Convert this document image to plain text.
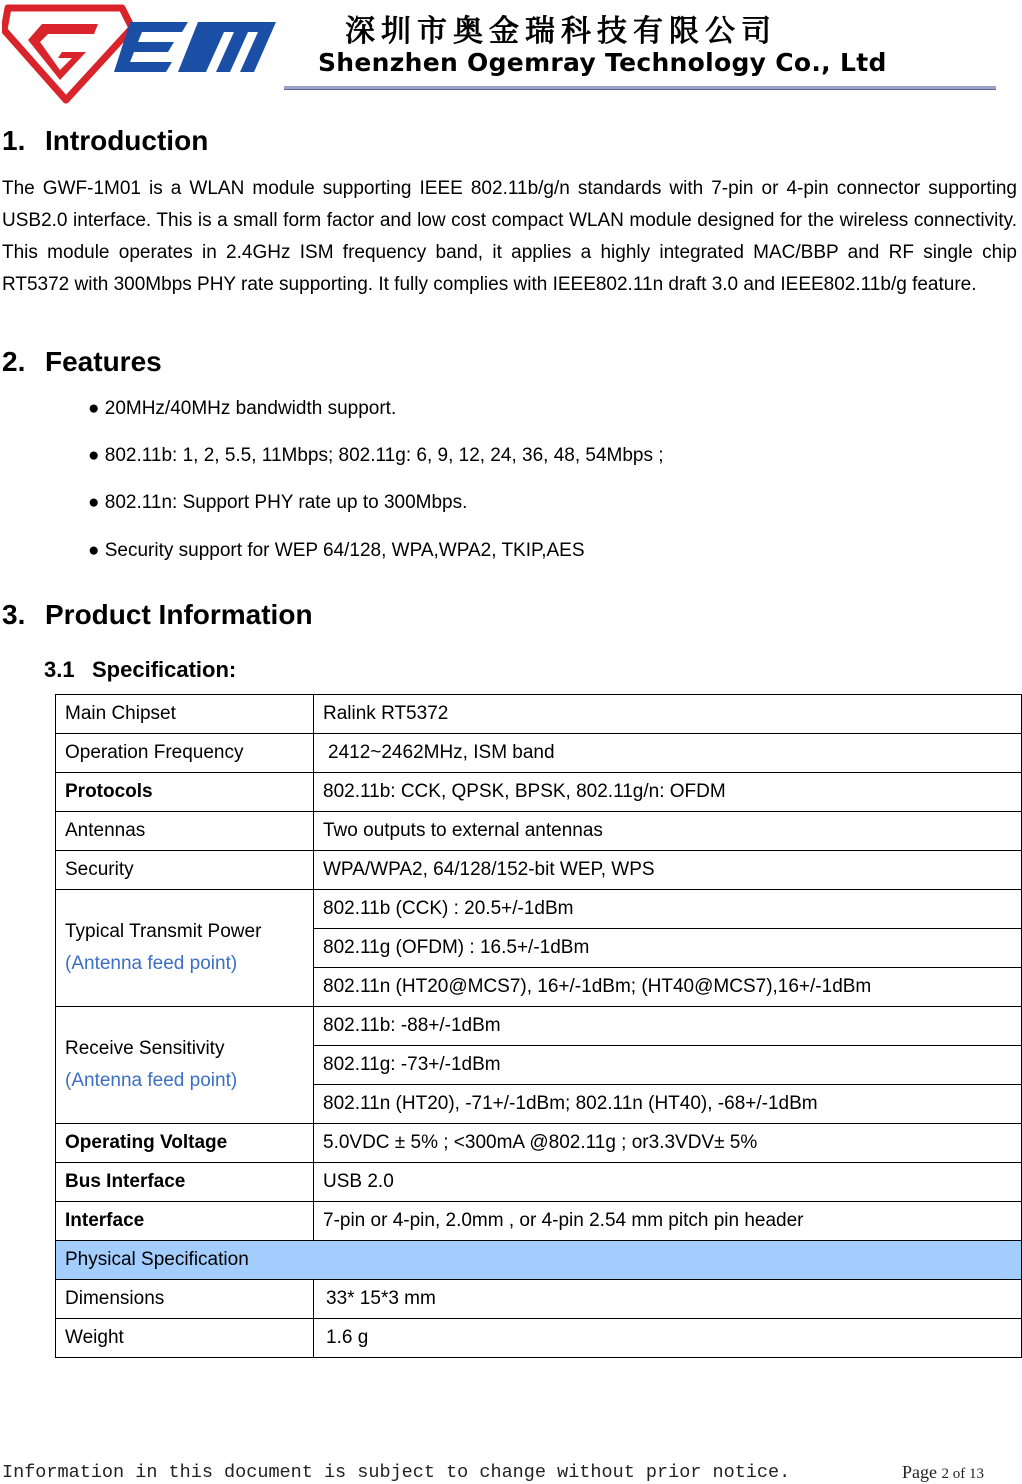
深圳市奥金瑞科技有限公司
Shenzhen Ogemray Technology Co., Ltd
1. Introduction
The GWF-1M01 is a WLAN module supporting IEEE 802.11b/g/n standards with 7-pin or 4-pin connector supporting USB2.0 interface. This is a small form factor and low cost compact WLAN module designed for the wireless connectivity. This module operates in 2.4GHz ISM frequency band, it applies a highly integrated MAC/BBP and RF single chip RT5372 with 300Mbps PHY rate supporting. It fully complies with IEEE802.11n draft 3.0 and IEEE802.11b/g feature.
2. Features
● 20MHz/40MHz bandwidth support.
● 802.11b: 1, 2, 5.5, 11Mbps; 802.11g: 6, 9, 12, 24, 36, 48, 54Mbps ;
● 802.11n: Support PHY rate up to 300Mbps.
● Security support for WEP 64/128, WPA,WPA2, TKIP,AES
3. Product Information
3.1 Specification:
Main Chipset	Ralink RT5372
Operation Frequency	2412~2462MHz, ISM band
Protocols	802.11b: CCK, QPSK, BPSK, 802.11g/n: OFDM
Antennas	Two outputs to external antennas
Security	WPA/WPA2, 64/128/152-bit WEP, WPS

Typical Transmit Power
(Antenna feed point)	802.11b (CCK) : 20.5+/-1dBm
	802.11g (OFDM) : 16.5+/-1dBm
	802.11n (HT20@MCS7), 16+/-1dBm; (HT40@MCS7),16+/-1dBm

Receive Sensitivity
(Antenna feed point)	802.11b: -88+/-1dBm
	802.11g: -73+/-1dBm
	802.11n (HT20), -71+/-1dBm; 802.11n (HT40), -68+/-1dBm
Operating Voltage	5.0VDC ± 5% ; <300mA @802.11g ; or3.3VDV± 5%
Bus Interface	USB 2.0
Interface	7-pin or 4-pin, 2.0mm , or 4-pin 2.54 mm pitch pin header
Physical Specification	
Dimensions	33* 15*3 mm
Weight	1.6 g
Information in this document is subject to change without prior notice.	Page 2 of 13
